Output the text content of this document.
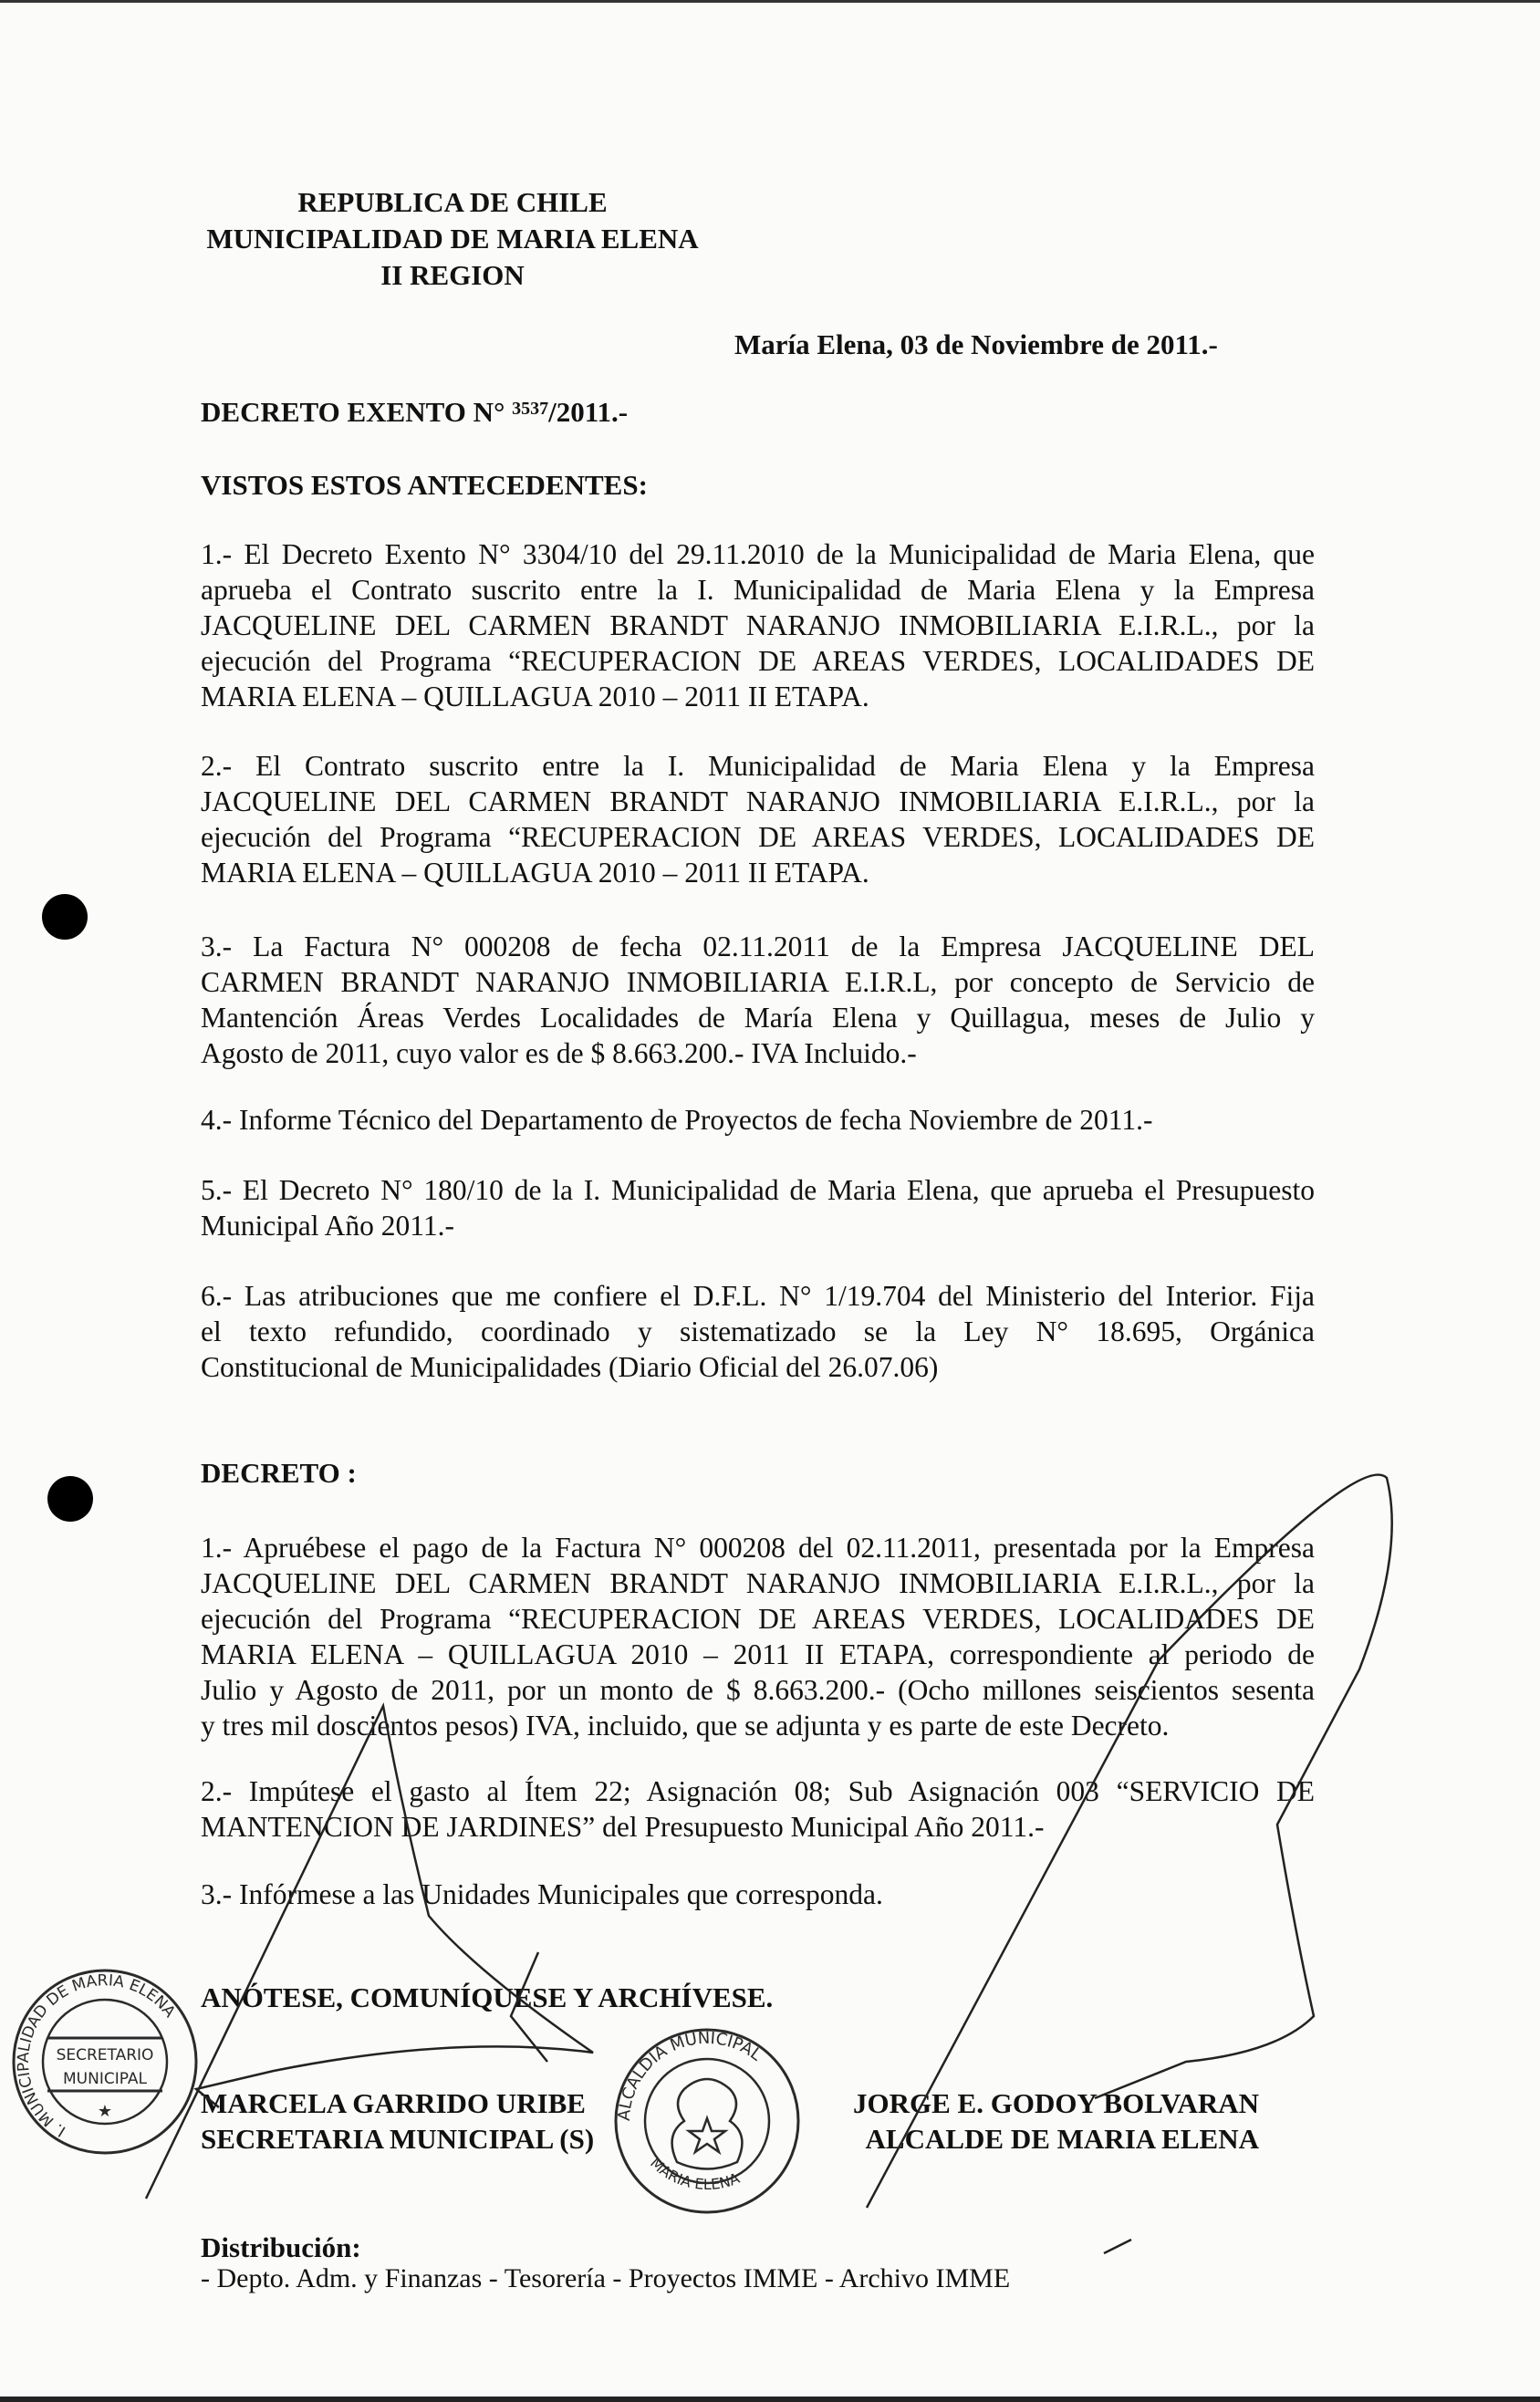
REPUBLICA DE CHILE
MUNICIPALIDAD DE MARIA ELENA
II REGION
María Elena, 03 de Noviembre de 2011.-
DECRETO EXENTO N° $^{3537}$/2011.-
VISTOS ESTOS ANTECEDENTES:
1.- El Decreto Exento N° 3304/10 del 29.11.2010 de la Municipalidad de Maria Elena, que
aprueba el Contrato suscrito entre la I. Municipalidad de Maria Elena y la Empresa
JACQUELINE DEL CARMEN BRANDT NARANJO INMOBILIARIA E.I.R.L., por la
ejecución del Programa “RECUPERACION DE AREAS VERDES, LOCALIDADES DE
MARIA ELENA – QUILLAGUA 2010 – 2011 II ETAPA.
2.- El Contrato suscrito entre la I. Municipalidad de Maria Elena y la Empresa
JACQUELINE DEL CARMEN BRANDT NARANJO INMOBILIARIA E.I.R.L., por la
ejecución del Programa “RECUPERACION DE AREAS VERDES, LOCALIDADES DE
MARIA ELENA – QUILLAGUA 2010 – 2011 II ETAPA.
3.- La Factura N° 000208 de fecha 02.11.2011 de la Empresa JACQUELINE DEL
CARMEN BRANDT NARANJO INMOBILIARIA E.I.R.L, por concepto de Servicio de
Mantención Áreas Verdes Localidades de María Elena y Quillagua, meses de Julio y
Agosto de 2011, cuyo valor es de $ 8.663.200.- IVA Incluido.-
4.- Informe Técnico del Departamento de Proyectos de fecha Noviembre de 2011.-
5.- El Decreto N° 180/10 de la I. Municipalidad de Maria Elena, que aprueba el Presupuesto
Municipal Año 2011.-
6.- Las atribuciones que me confiere el D.F.L. N° 1/19.704 del Ministerio del Interior. Fija
el texto refundido, coordinado y sistematizado se la Ley N° 18.695, Orgánica
Constitucional de Municipalidades (Diario Oficial del 26.07.06)
DECRETO :
1.- Apruébese el pago de la Factura N° 000208 del 02.11.2011, presentada por la Empresa
JACQUELINE DEL CARMEN BRANDT NARANJO INMOBILIARIA E.I.R.L., por la
ejecución del Programa “RECUPERACION DE AREAS VERDES, LOCALIDADES DE
MARIA ELENA – QUILLAGUA 2010 – 2011 II ETAPA, correspondiente al periodo de
Julio y Agosto de 2011, por un monto de $ 8.663.200.- (Ocho millones seiscientos sesenta
y tres mil doscientos pesos) IVA, incluido, que se adjunta y es parte de este Decreto.
2.- Impútese el gasto al Ítem 22; Asignación 08; Sub Asignación 003 “SERVICIO DE
MANTENCION DE JARDINES” del Presupuesto Municipal Año 2011.-
3.- Infórmese a las Unidades Municipales que corresponda.
ANÓTESE, COMUNÍQUESE Y ARCHÍVESE.
MARCELA GARRIDO URIBE
SECRETARIA MUNICIPAL (S)
JORGE E. GODOY BOLVARAN
ALCALDE DE MARIA ELENA
Distribución:
- Depto. Adm. y Finanzas - Tesorería - Proyectos IMME - Archivo IMME
I. MUNICIPALIDAD DE MARIA ELENA
SECRETARIO
MUNICIPAL
★	ALCALDIA MUNICIPAL
MARIA ELENA
